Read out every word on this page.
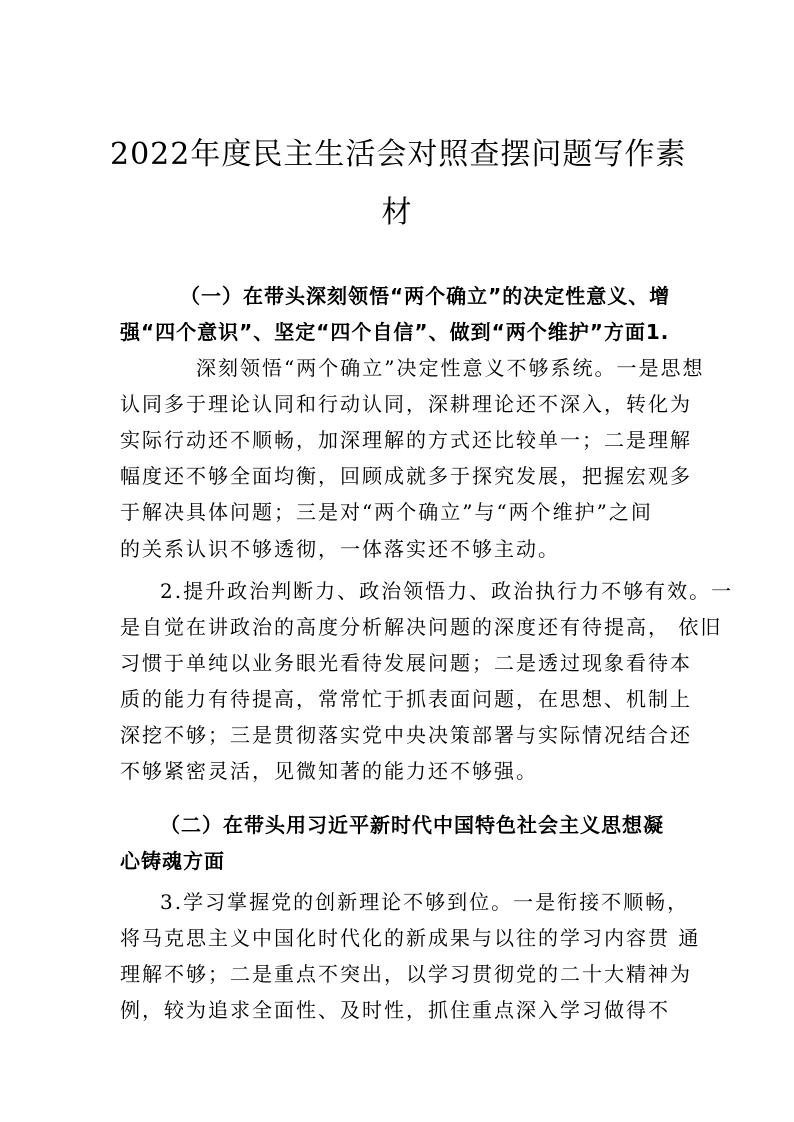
2022年度民主生活会对照查摆问题写作素
材
（一）在带头深刻领悟“两个确立”的决定性意义、增
强“四个意识”、坚定“四个自信”、做到“两个维护”方面1.
深刻领悟“两个确立”决定性意义不够系统。一是思想
认同多于理论认同和行动认同，深耕理论还不深入，转化为
实际行动还不顺畅，加深理解的方式还比较单一；二是理解
幅度还不够全面均衡，回顾成就多于探究发展，把握宏观多
于解决具体问题；三是对“两个确立”与“两个维护”之间
的关系认识不够透彻，一体落实还不够主动。
2.提升政治判断力、政治领悟力、政治执行力不够有效。一
是自觉在讲政治的高度分析解决问题的深度还有待提高， 依旧
习惯于单纯以业务眼光看待发展问题；二是透过现象看待本
质的能力有待提高，常常忙于抓表面问题，在思想、机制上
深挖不够；三是贯彻落实党中央决策部署与实际情况结合还
不够紧密灵活，见微知著的能力还不够强。
（二）在带头用习近平新时代中国特色社会主义思想凝
心铸魂方面
3.学习掌握党的创新理论不够到位。一是衔接不顺畅，
将马克思主义中国化时代化的新成果与以往的学习内容贯 通
理解不够；二是重点不突出，以学习贯彻党的二十大精神为
例，较为追求全面性、及时性，抓住重点深入学习做得不
